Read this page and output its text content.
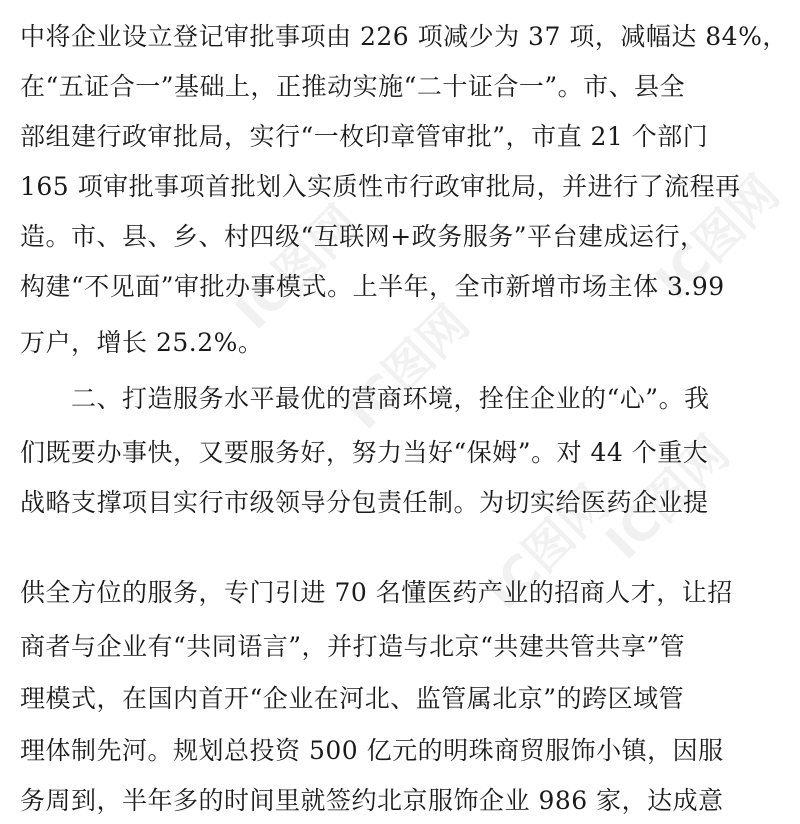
IC图网
IC图网
IC图网
IC图网
IC图网
中将企业设立登记审批事项由 226 项减少为 37 项，减幅达 84%，
在“五证合一”基础上，正推动实施“二十证合一”。市、县全
部组建行政审批局，实行“一枚印章管审批”，市直 21 个部门
165 项审批事项首批划入实质性市行政审批局，并进行了流程再
造。市、县、乡、村四级“互联网+政务服务”平台建成运行，
构建“不见面”审批办事模式。上半年，全市新增市场主体 3.99
万户，增长 25.2%。
　　二、打造服务水平最优的营商环境，拴住企业的“心”。我
们既要办事快，又要服务好，努力当好“保姆”。对 44 个重大
战略支撑项目实行市级领导分包责任制。为切实给医药企业提
供全方位的服务，专门引进 70 名懂医药产业的招商人才，让招
商者与企业有“共同语言”，并打造与北京“共建共管共享”管
理模式，在国内首开“企业在河北、监管属北京”的跨区域管
理体制先河。规划总投资 500 亿元的明珠商贸服饰小镇，因服
务周到，半年多的时间里就签约北京服饰企业 986 家，达成意
